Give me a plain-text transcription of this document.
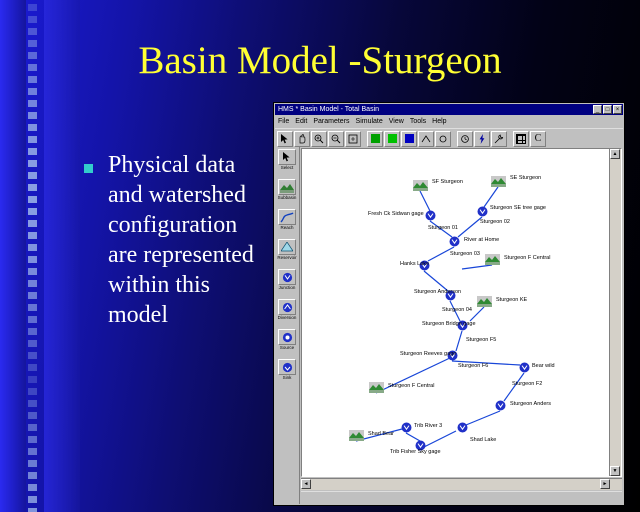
Basin Model -Sturgeon
Physical data and watershed configuration are represented within this model
HMS * Basin Model - Total Basin	_	□	×
File Edit Parameters Simulate View Tools Help
C
Select
Subbasin
Reach
Reservoir
Junction
Diversion
Source
Sink
SF Sturgeon
SE Sturgeon
Fresh Ck Sidwan gage
Sturgeon SE tree gage
Sturgeon 02
Sturgeon 01
River at Home
Sturgeon 03
Sturgeon F Central
Hanks Lake
Sturgeon Anderson
Sturgeon 04
Sturgeon KE
Sturgeon Bridge gage
Sturgeon F5
Sturgeon Reeves gage
Sturgeon F6	Bear wild
Sturgeon F2
Sturgeon F Central
Sturgeon Anders
Shad Bear
Trib River 3
Trib Fisher Sky gage
Shad Lake
▲
▼
◄	►
